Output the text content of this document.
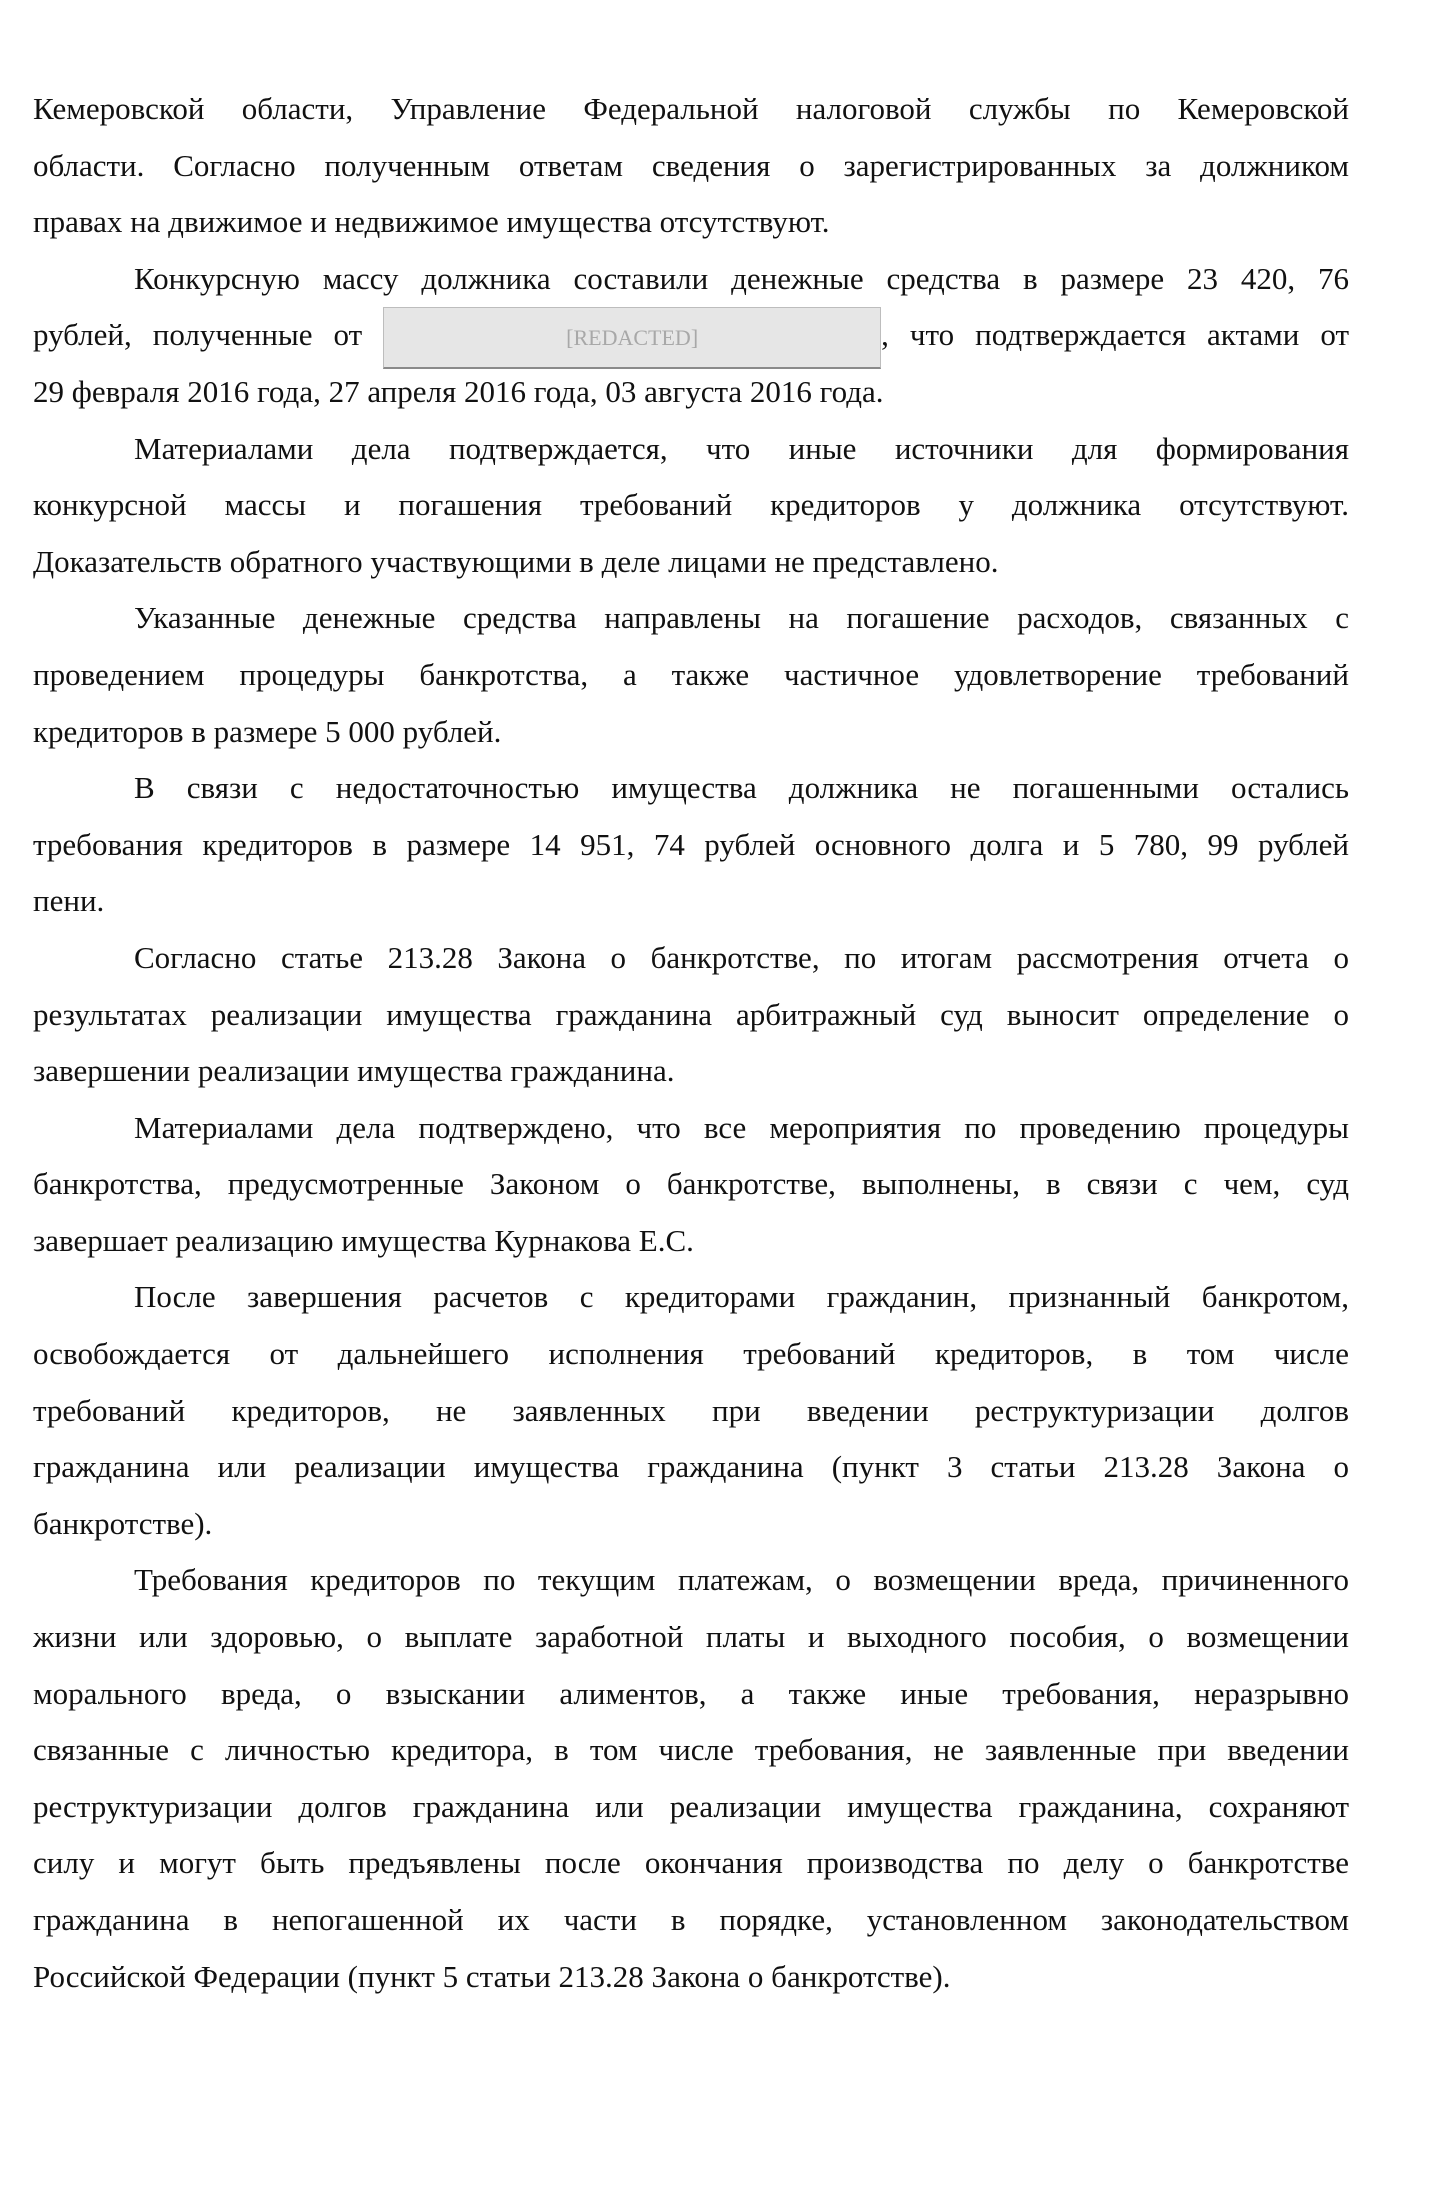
Кемеровской области, Управление Федеральной налоговой службы по Кемеровской
области. Согласно полученным ответам сведения о зарегистрированных за должником
правах на движимое и недвижимое имущества отсутствуют.
Конкурсную массу должника составили денежные средства в размере 23 420, 76
рублей, полученные от	[REDACTED]	, что подтверждается актами от
29 февраля 2016 года, 27 апреля 2016 года, 03 августа 2016 года.
Материалами дела подтверждается, что иные источники для формирования
конкурсной массы и погашения требований кредиторов у должника отсутствуют.
Доказательств обратного участвующими в деле лицами не представлено.
Указанные денежные средства направлены на погашение расходов, связанных с
проведением процедуры банкротства, а также частичное удовлетворение требований
кредиторов в размере 5 000 рублей.
В связи с недостаточностью имущества должника не погашенными остались
требования кредиторов в размере 14 951, 74 рублей основного долга и 5 780, 99 рублей
пени.
Согласно статье 213.28 Закона о банкротстве, по итогам рассмотрения отчета о
результатах реализации имущества гражданина арбитражный суд выносит определение о
завершении реализации имущества гражданина.
Материалами дела подтверждено, что все мероприятия по проведению процедуры
банкротства, предусмотренные Законом о банкротстве, выполнены, в связи с чем, суд
завершает реализацию имущества Курнакова Е.С.
После завершения расчетов с кредиторами гражданин, признанный банкротом,
освобождается от дальнейшего исполнения требований кредиторов, в том числе
требований кредиторов, не заявленных при введении реструктуризации долгов
гражданина или реализации имущества гражданина (пункт 3 статьи 213.28 Закона о
банкротстве).
Требования кредиторов по текущим платежам, о возмещении вреда, причиненного
жизни или здоровью, о выплате заработной платы и выходного пособия, о возмещении
морального вреда, о взыскании алиментов, а также иные требования, неразрывно
связанные с личностью кредитора, в том числе требования, не заявленные при введении
реструктуризации долгов гражданина или реализации имущества гражданина, сохраняют
силу и могут быть предъявлены после окончания производства по делу о банкротстве
гражданина в непогашенной их части в порядке, установленном законодательством
Российской Федерации (пункт 5 статьи 213.28 Закона о банкротстве).
